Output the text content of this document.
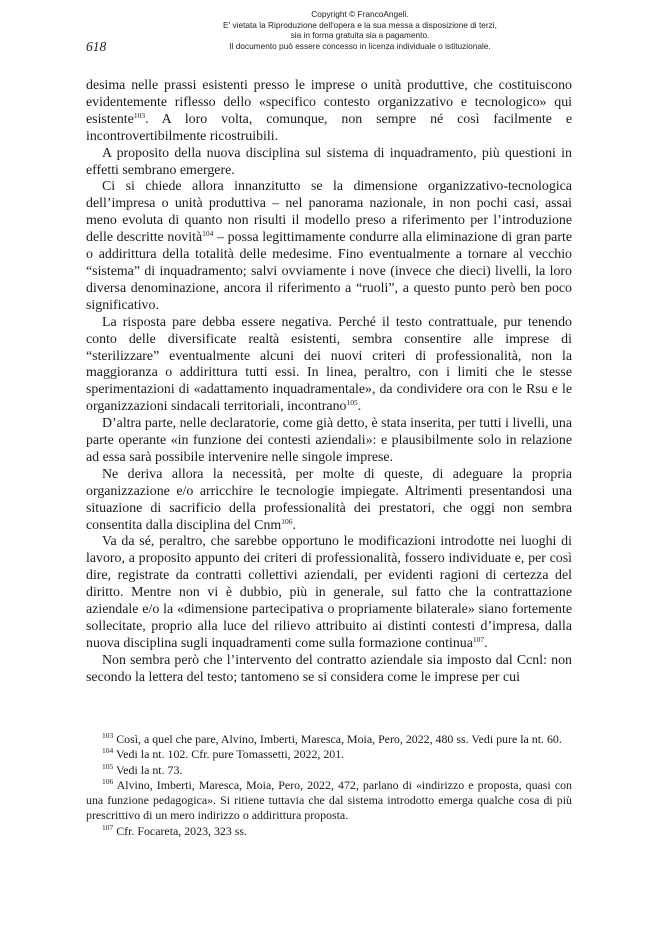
Copyright © FrancoAngeli.
E' vietata la Riproduzione dell'opera e la sua messa a disposizione di terzi,
sia in forma gratuita sia a pagamento.
Il documento può essere concesso in licenza individuale o istituzionale.
618

desima nelle prassi esistenti presso le imprese o unità produttive, che costituiscono evidentemente riflesso dello «specifico contesto organizzativo e tecnologico» qui esistente$^{103}$. A loro volta, comunque, non sempre né così facilmente e incontrovertibilmente ricostruibili.

A proposito della nuova disciplina sul sistema di inquadramento, più questioni in effetti sembrano emergere.

Ci si chiede allora innanzitutto se la dimensione organizzativo-tecnologica dell’impresa o unità produttiva – nel panorama nazionale, in non pochi casi, assai meno evoluta di quanto non risulti il modello preso a riferimento per l’introduzione delle descritte novità$^{104}$ – possa legittimamente condurre alla eliminazione di gran parte o addirittura della totalità delle medesime. Fino eventualmente a tornare al vecchio “sistema” di inquadramento; salvi ovviamente i nove (invece che dieci) livelli, la loro diversa denominazione, ancora il riferimento a “ruoli”, a questo punto però ben poco significativo.

La risposta pare debba essere negativa. Perché il testo contrattuale, pur tenendo conto delle diversificate realtà esistenti, sembra consentire alle imprese di “sterilizzare” eventualmente alcuni dei nuovi criteri di professionalità, non la maggioranza o addirittura tutti essi. In linea, peraltro, con i limiti che le stesse sperimentazioni di «adattamento inquadramentale», da condividere ora con le Rsu e le organizzazioni sindacali territoriali, incontrano$^{105}$.

D’altra parte, nelle declaratorie, come già detto, è stata inserita, per tutti i livelli, una parte operante «in funzione dei contesti aziendali»: e plausibilmente solo in relazione ad essa sarà possibile intervenire nelle singole imprese.

Ne deriva allora la necessità, per molte di queste, di adeguare la propria organizzazione e/o arricchire le tecnologie impiegate. Altrimenti presentandosi una situazione di sacrificio della professionalità dei prestatori, che oggi non sembra consentita dalla disciplina del Cnm$^{106}$.

Va da sé, peraltro, che sarebbe opportuno le modificazioni introdotte nei luoghi di lavoro, a proposito appunto dei criteri di professionalità, fossero individuate e, per così dire, registrate da contratti collettivi aziendali, per evidenti ragioni di certezza del diritto. Mentre non vi è dubbio, più in generale, sul fatto che la contrattazione aziendale e/o la «dimensione partecipativa o propriamente bilaterale» siano fortemente sollecitate, proprio alla luce del rilievo attribuito ai distinti contesti d’impresa, dalla nuova disciplina sugli inquadramenti come sulla formazione continua$^{107}$.

Non sembra però che l’intervento del contratto aziendale sia imposto dal Ccnl: non secondo la lettera del testo; tantomeno se si considera come le imprese per cui

$^{103}$ Così, a quel che pare, Alvino, Imberti, Maresca, Moia, Pero, 2022, 480 ss. Vedi pure la nt. 60.

$^{104}$ Vedi la nt. 102. Cfr. pure Tomassetti, 2022, 201.

$^{105}$ Vedi la nt. 73.

$^{106}$ Alvino, Imberti, Maresca, Moia, Pero, 2022, 472, parlano di «indirizzo e proposta, quasi con una funzione pedagogica». Si ritiene tuttavia che dal sistema introdotto emerga qualche cosa di più prescrittivo di un mero indirizzo o addirittura proposta.

$^{107}$ Cfr. Focareta, 2023, 323 ss.
